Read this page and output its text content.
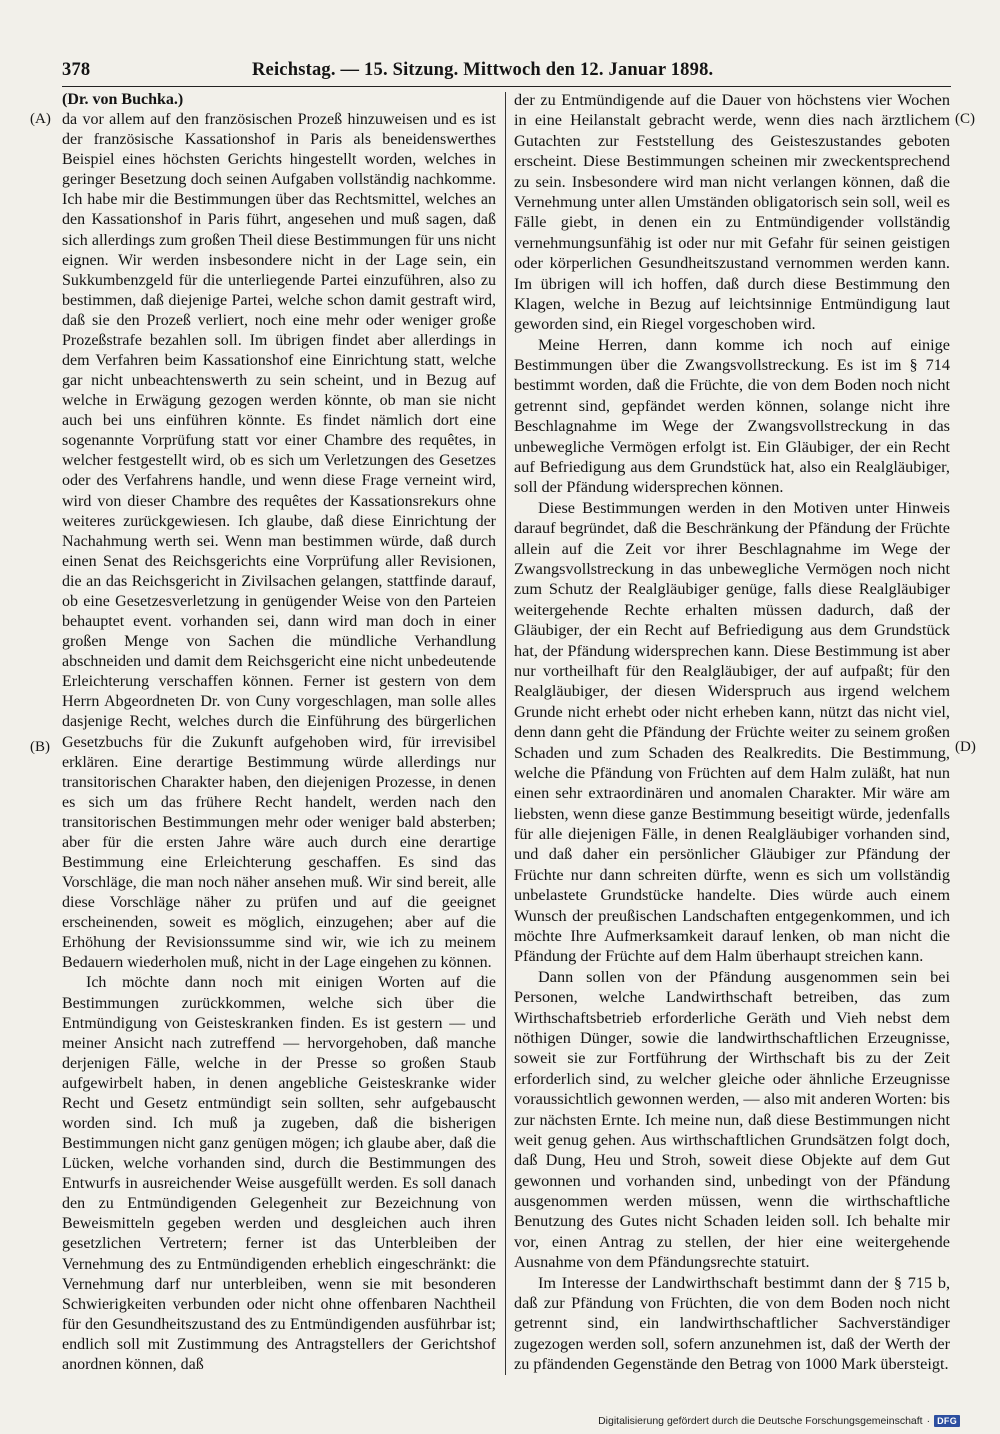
378	Reichstag. — 15. Sitzung. Mittwoch den 12. Januar 1898.
(A)
(B)
(C)
(D)

(Dr. von Buchka.)

da vor allem auf den französischen Prozeß hinzuweisen und es ist der französische Kassationshof in Paris als beneidenswerthes Beispiel eines höchsten Gerichts hingestellt worden, welches in geringer Besetzung doch seinen Aufgaben vollständig nachkomme. Ich habe mir die Bestimmungen über das Rechtsmittel, welches an den Kassationshof in Paris führt, angesehen und muß sagen, daß sich allerdings zum großen Theil diese Bestimmungen für uns nicht eignen. Wir werden insbesondere nicht in der Lage sein, ein Sukkumbenzgeld für die unterliegende Partei einzuführen, also zu bestimmen, daß diejenige Partei, welche schon damit gestraft wird, daß sie den Prozeß verliert, noch eine mehr oder weniger große Prozeßstrafe bezahlen soll. Im übrigen findet aber allerdings in dem Verfahren beim Kassationshof eine Einrichtung statt, welche gar nicht unbeachtenswerth zu sein scheint, und in Bezug auf welche in Erwägung gezogen werden könnte, ob man sie nicht auch bei uns einführen könnte. Es findet nämlich dort eine sogenannte Vorprüfung statt vor einer Chambre des requêtes, in welcher festgestellt wird, ob es sich um Verletzungen des Gesetzes oder des Verfahrens handle, und wenn diese Frage verneint wird, wird von dieser Chambre des requêtes der Kassationsrekurs ohne weiteres zurückgewiesen. Ich glaube, daß diese Einrichtung der Nachahmung werth sei. Wenn man bestimmen würde, daß durch einen Senat des Reichsgerichts eine Vorprüfung aller Revisionen, die an das Reichsgericht in Zivilsachen gelangen, stattfinde darauf, ob eine Gesetzesverletzung in genügender Weise von den Parteien behauptet event. vorhanden sei, dann wird man doch in einer großen Menge von Sachen die mündliche Verhandlung abschneiden und damit dem Reichsgericht eine nicht unbedeutende Erleichterung verschaffen können. Ferner ist gestern von dem Herrn Abgeordneten Dr. von Cuny vorgeschlagen, man solle alles dasjenige Recht, welches durch die Einführung des bürgerlichen Gesetzbuchs für die Zukunft aufgehoben wird, für irrevisibel erklären. Eine derartige Bestimmung würde allerdings nur transitorischen Charakter haben, den diejenigen Prozesse, in denen es sich um das frühere Recht handelt, werden nach den transitorischen Bestimmungen mehr oder weniger bald absterben; aber für die ersten Jahre wäre auch durch eine derartige Bestimmung eine Erleichterung geschaffen. Es sind das Vorschläge, die man noch näher ansehen muß. Wir sind bereit, alle diese Vorschläge näher zu prüfen und auf die geeignet erscheinenden, soweit es möglich, einzugehen; aber auf die Erhöhung der Revisionssumme sind wir, wie ich zu meinem Bedauern wiederholen muß, nicht in der Lage eingehen zu können.

Ich möchte dann noch mit einigen Worten auf die Bestimmungen zurückkommen, welche sich über die Entmündigung von Geisteskranken finden. Es ist gestern — und meiner Ansicht nach zutreffend — hervorgehoben, daß manche derjenigen Fälle, welche in der Presse so großen Staub aufgewirbelt haben, in denen angebliche Geisteskranke wider Recht und Gesetz entmündigt sein sollten, sehr aufgebauscht worden sind. Ich muß ja zugeben, daß die bisherigen Bestimmungen nicht ganz genügen mögen; ich glaube aber, daß die Lücken, welche vorhanden sind, durch die Bestimmungen des Entwurfs in ausreichender Weise ausgefüllt werden. Es soll danach den zu Entmündigenden Gelegenheit zur Bezeichnung von Beweismitteln gegeben werden und desgleichen auch ihren gesetzlichen Vertretern; ferner ist das Unterbleiben der Vernehmung des zu Entmündigenden erheblich eingeschränkt: die Vernehmung darf nur unterbleiben, wenn sie mit besonderen Schwierigkeiten verbunden oder nicht ohne offenbaren Nachtheil für den Gesundheitszustand des zu Entmündigenden ausführbar ist; endlich soll mit Zustimmung des Antragstellers der Gerichtshof anordnen können, daß

der zu Entmündigende auf die Dauer von höchstens vier Wochen in eine Heilanstalt gebracht werde, wenn dies nach ärztlichem Gutachten zur Feststellung des Geisteszustandes geboten erscheint. Diese Bestimmungen scheinen mir zweckentsprechend zu sein. Insbesondere wird man nicht verlangen können, daß die Vernehmung unter allen Umständen obligatorisch sein soll, weil es Fälle giebt, in denen ein zu Entmündigender vollständig vernehmungsunfähig ist oder nur mit Gefahr für seinen geistigen oder körperlichen Gesundheitszustand vernommen werden kann. Im übrigen will ich hoffen, daß durch diese Bestimmung den Klagen, welche in Bezug auf leichtsinnige Entmündigung laut geworden sind, ein Riegel vorgeschoben wird.

Meine Herren, dann komme ich noch auf einige Bestimmungen über die Zwangsvollstreckung. Es ist im § 714 bestimmt worden, daß die Früchte, die von dem Boden noch nicht getrennt sind, gepfändet werden können, solange nicht ihre Beschlagnahme im Wege der Zwangsvollstreckung in das unbewegliche Vermögen erfolgt ist. Ein Gläubiger, der ein Recht auf Befriedigung aus dem Grundstück hat, also ein Realgläubiger, soll der Pfändung widersprechen können.

Diese Bestimmungen werden in den Motiven unter Hinweis darauf begründet, daß die Beschränkung der Pfändung der Früchte allein auf die Zeit vor ihrer Beschlagnahme im Wege der Zwangsvollstreckung in das unbewegliche Vermögen noch nicht zum Schutz der Realgläubiger genüge, falls diese Realgläubiger weitergehende Rechte erhalten müssen dadurch, daß der Gläubiger, der ein Recht auf Befriedigung aus dem Grundstück hat, der Pfändung widersprechen kann. Diese Bestimmung ist aber nur vortheilhaft für den Realgläubiger, der auf aufpaßt; für den Realgläubiger, der diesen Widerspruch aus irgend welchem Grunde nicht erhebt oder nicht erheben kann, nützt das nicht viel, denn dann geht die Pfändung der Früchte weiter zu seinem großen Schaden und zum Schaden des Realkredits. Die Bestimmung, welche die Pfändung von Früchten auf dem Halm zuläßt, hat nun einen sehr extraordinären und anomalen Charakter. Mir wäre am liebsten, wenn diese ganze Bestimmung beseitigt würde, jedenfalls für alle diejenigen Fälle, in denen Realgläubiger vorhanden sind, und daß daher ein persönlicher Gläubiger zur Pfändung der Früchte nur dann schreiten dürfte, wenn es sich um vollständig unbelastete Grundstücke handelte. Dies würde auch einem Wunsch der preußischen Landschaften entgegenkommen, und ich möchte Ihre Aufmerksamkeit darauf lenken, ob man nicht die Pfändung der Früchte auf dem Halm überhaupt streichen kann.

Dann sollen von der Pfändung ausgenommen sein bei Personen, welche Landwirthschaft betreiben, das zum Wirthschaftsbetrieb erforderliche Geräth und Vieh nebst dem nöthigen Dünger, sowie die landwirthschaftlichen Erzeugnisse, soweit sie zur Fortführung der Wirthschaft bis zu der Zeit erforderlich sind, zu welcher gleiche oder ähnliche Erzeugnisse voraussichtlich gewonnen werden, — also mit anderen Worten: bis zur nächsten Ernte. Ich meine nun, daß diese Bestimmungen nicht weit genug gehen. Aus wirthschaftlichen Grundsätzen folgt doch, daß Dung, Heu und Stroh, soweit diese Objekte auf dem Gut gewonnen und vorhanden sind, unbedingt von der Pfändung ausgenommen werden müssen, wenn die wirthschaftliche Benutzung des Gutes nicht Schaden leiden soll. Ich behalte mir vor, einen Antrag zu stellen, der hier eine weitergehende Ausnahme von dem Pfändungsrechte statuirt.

Im Interesse der Landwirthschaft bestimmt dann der § 715 b, daß zur Pfändung von Früchten, die von dem Boden noch nicht getrennt sind, ein landwirthschaftlicher Sachverständiger zugezogen werden soll, sofern anzunehmen ist, daß der Werth der zu pfändenden Gegenstände den Betrag von 1000 Mark übersteigt.

Digitalisierung gefördert durch die Deutsche Forschungsgemeinschaft · DFG
